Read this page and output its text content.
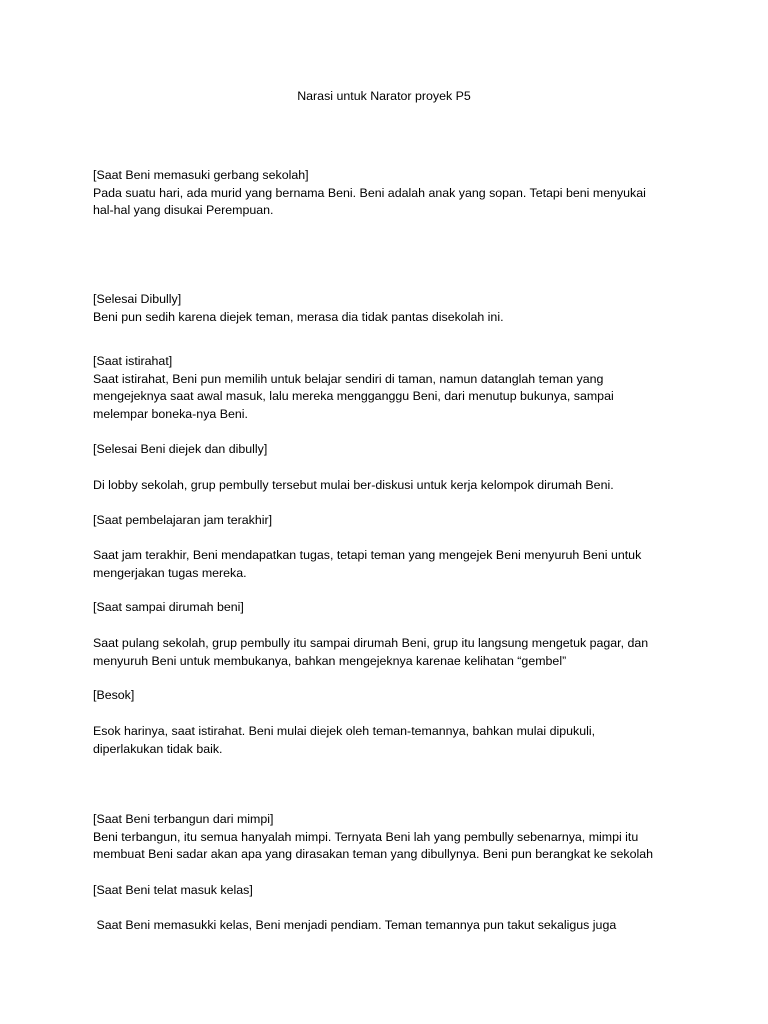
Narasi untuk Narator proyek P5

[Saat Beni memasuki gerbang sekolah]

Pada suatu hari, ada murid yang bernama Beni. Beni adalah anak yang sopan. Tetapi beni menyukai

hal-hal yang disukai Perempuan.

[Selesai Dibully]

Beni pun sedih karena diejek teman, merasa dia tidak pantas disekolah ini.

[Saat istirahat]

Saat istirahat, Beni pun memilih untuk belajar sendiri di taman, namun datanglah teman yang

mengejeknya saat awal masuk, lalu mereka mengganggu Beni, dari menutup bukunya, sampai

melempar boneka-nya Beni.

[Selesai Beni diejek dan dibully]

Di lobby sekolah, grup pembully tersebut mulai ber-diskusi untuk kerja kelompok dirumah Beni.

[Saat pembelajaran jam terakhir]

Saat jam terakhir, Beni mendapatkan tugas, tetapi teman yang mengejek Beni menyuruh Beni untuk

mengerjakan tugas mereka.

[Saat sampai dirumah beni]

Saat pulang sekolah, grup pembully itu sampai dirumah Beni, grup itu langsung mengetuk pagar, dan

menyuruh Beni untuk membukanya, bahkan mengejeknya karenae kelihatan “gembel”

[Besok]

Esok harinya, saat istirahat. Beni mulai diejek oleh teman-temannya, bahkan mulai dipukuli,

diperlakukan tidak baik.

[Saat Beni terbangun dari mimpi]

Beni terbangun, itu semua hanyalah mimpi. Ternyata Beni lah yang pembully sebenarnya, mimpi itu

membuat Beni sadar akan apa yang dirasakan teman yang dibullynya. Beni pun berangkat ke sekolah

[Saat Beni telat masuk kelas]

Saat Beni memasukki kelas, Beni menjadi pendiam. Teman temannya pun takut sekaligus juga
